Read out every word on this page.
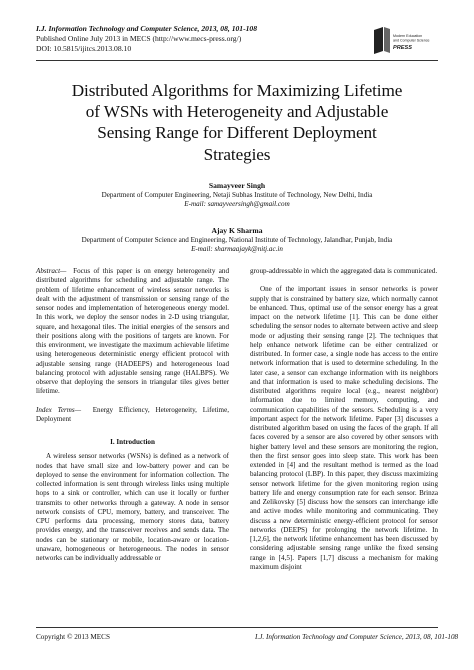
I.J. Information Technology and Computer Science, 2013, 08, 101-108
Published Online July 2013 in MECS (http://www.mecs-press.org/)
DOI: 10.5815/ijitcs.2013.08.10
Modern Education
and Computer Science
PRESS
Distributed Algorithms for Maximizing Lifetime
of WSNs with Heterogeneity and Adjustable
Sensing Range for Different Deployment
Strategies
Samayveer Singh
Department of Computer Engineering, Netaji Subhas Institute of Technology, New Delhi, India
E-mail: samayveersingh@gmail.com
Ajay K Sharma
Department of Computer Science and Engineering, National Institute of Technology, Jalandhar, Punjab, India
E-mail: sharmaajayk@nitj.ac.in

Abstract— Focus of this paper is on energy heterogeneity and distributed algorithms for scheduling and adjustable range. The problem of lifetime enhancement of wireless sensor networks is dealt with the adjustment of transmission or sensing range of the sensor nodes and implementation of heterogeneous energy model. In this work, we deploy the sensor nodes in 2-D using triangular, square, and hexagonal tiles. The initial energies of the sensors and their positions along with the positions of targets are known. For this environment, we investigate the maximum achievable lifetime using heterogeneous deterministic energy efficient protocol with adjustable sensing range (HADEEPS) and heterogeneous load balancing protocol with adjustable sensing range (HALBPS). We observe that deploying the sensors in triangular tiles gives better lifetime.

Index Terms— Energy Efficiency, Heterogeneity, Lifetime, Deployment

I. Introduction

A wireless sensor networks (WSNs) is defined as a network of nodes that have small size and low-battery power and can be deployed to sense the environment for information collection. The collected information is sent through wireless links using multiple hops to a sink or controller, which can use it locally or further transmits to other networks through a gateway. A node in sensor network consists of CPU, memory, battery, and transceiver. The CPU performs data processing, memory stores data, battery provides energy, and the transceiver receives and sends data. The nodes can be stationary or mobile, location-aware or location-unaware, homogeneous or heterogeneous. The nodes in sensor networks can be individually addressable or

group-addressable in which the aggregated data is communicated.

One of the important issues in sensor networks is power supply that is constrained by battery size, which normally cannot be enhanced. Thus, optimal use of the sensor energy has a great impact on the network lifetime [1]. This can be done either scheduling the sensor nodes to alternate between active and sleep mode or adjusting their sensing range [2]. The techniques that help enhance network lifetime can be either centralized or distributed. In former case, a single node has access to the entire network information that is used to determine scheduling. In the later case, a sensor can exchange information with its neighbors and that information is used to make scheduling decisions. The distributed algorithms require local (e.g., nearest neighbor) information due to limited memory, computing, and communication capabilities of the sensors. Scheduling is a very important aspect for the network lifetime. Paper [3] discusses a distributed algorithm based on using the faces of the graph. If all faces covered by a sensor are also covered by other sensors with higher battery level and these sensors are monitoring the region, then the first sensor goes into sleep state. This work has been extended in [4] and the resultant method is termed as the load balancing protocol (LBP). In this paper, they discuss maximizing sensor network lifetime for the given monitoring region using battery life and energy consumption rate for each sensor. Brinza and Zelikovsky [5] discuss how the sensors can interchange idle and active modes while monitoring and communicating. They discuss a new deterministic energy-efficient protocol for sensor networks (DEEPS) for prolonging the network lifetime. In [1,2,6], the network lifetime enhancement has been discussed by considering adjustable sensing range unlike the fixed sensing range in [4,5]. Papers [1,7] discuss a mechanism for making maximum disjoint

Copyright © 2013 MECS	I.J. Information Technology and Computer Science, 2013, 08, 101-108
